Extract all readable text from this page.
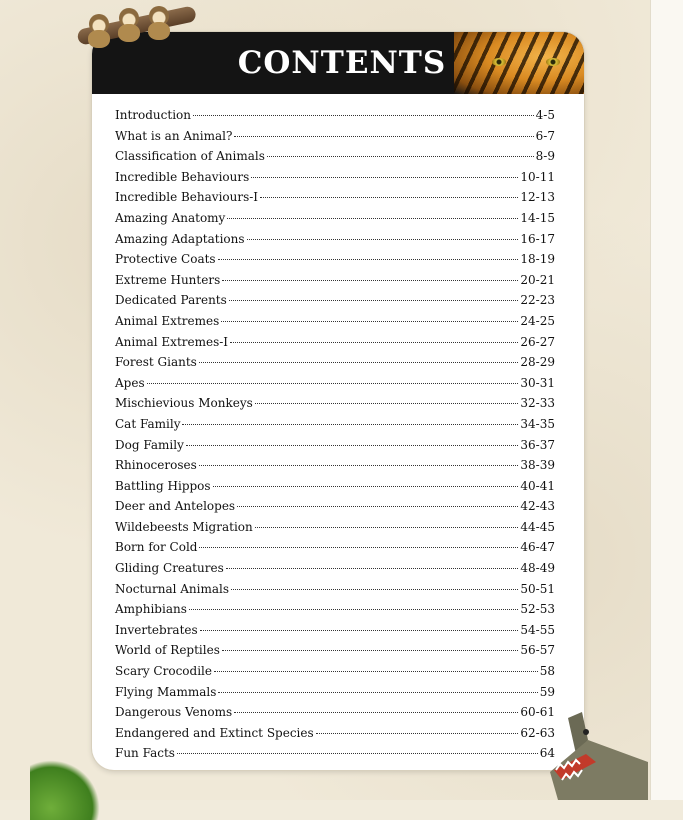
CONTENTS
Introduction	4-5
What is an Animal?	6-7
Classification of Animals	8-9
Incredible Behaviours	10-11
Incredible Behaviours-I	12-13
Amazing Anatomy	14-15
Amazing Adaptations	16-17
Protective Coats	18-19
Extreme Hunters	20-21
Dedicated Parents	22-23
Animal Extremes	24-25
Animal Extremes-I	26-27
Forest Giants	28-29
Apes	30-31
Mischievious Monkeys	32-33
Cat Family	34-35
Dog Family	36-37
Rhinoceroses	38-39
Battling Hippos	40-41
Deer and Antelopes	42-43
Wildebeests Migration	44-45
Born for Cold	46-47
Gliding Creatures	48-49
Nocturnal Animals	50-51
Amphibians	52-53
Invertebrates	54-55
World of Reptiles	56-57
Scary Crocodile	58
Flying Mammals	59
Dangerous Venoms	60-61
Endangered and Extinct Species	62-63
Fun Facts	64
